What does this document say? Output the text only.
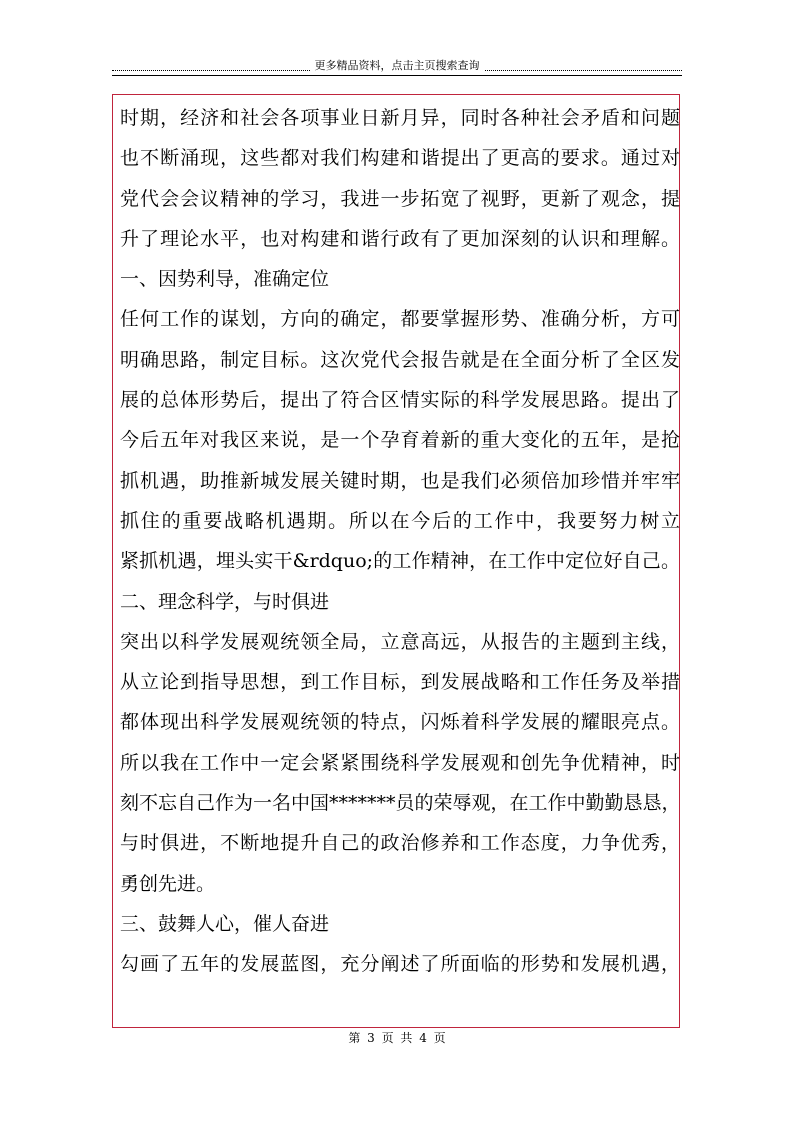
更多精品资料，点击主页搜索查询
时期，经济和社会各项事业日新月异，同时各种社会矛盾和问题
也不断涌现，这些都对我们构建和谐提出了更高的要求。通过对
党代会会议精神的学习，我进一步拓宽了视野，更新了观念，提
升了理论水平，也对构建和谐行政有了更加深刻的认识和理解。
一、因势利导，准确定位
任何工作的谋划，方向的确定，都要掌握形势、准确分析，方可
明确思路，制定目标。这次党代会报告就是在全面分析了全区发
展的总体形势后，提出了符合区情实际的科学发展思路。提出了
今后五年对我区来说，是一个孕育着新的重大变化的五年，是抢
抓机遇，助推新城发展关键时期，也是我们必须倍加珍惜并牢牢
抓住的重要战略机遇期。所以在今后的工作中，我要努力树立
紧抓机遇，埋头实干&rdquo;的工作精神，在工作中定位好自己。
二、理念科学，与时俱进
突出以科学发展观统领全局，立意高远，从报告的主题到主线，
从立论到指导思想，到工作目标，到发展战略和工作任务及举措
都体现出科学发展观统领的特点，闪烁着科学发展的耀眼亮点。
所以我在工作中一定会紧紧围绕科学发展观和创先争优精神，时
刻不忘自己作为一名中国*******员的荣辱观，在工作中勤勤恳恳，
与时俱进，不断地提升自己的政治修养和工作态度，力争优秀，
勇创先进。
三、鼓舞人心，催人奋进
勾画了五年的发展蓝图，充分阐述了所面临的形势和发展机遇，
第 3 页 共 4 页
